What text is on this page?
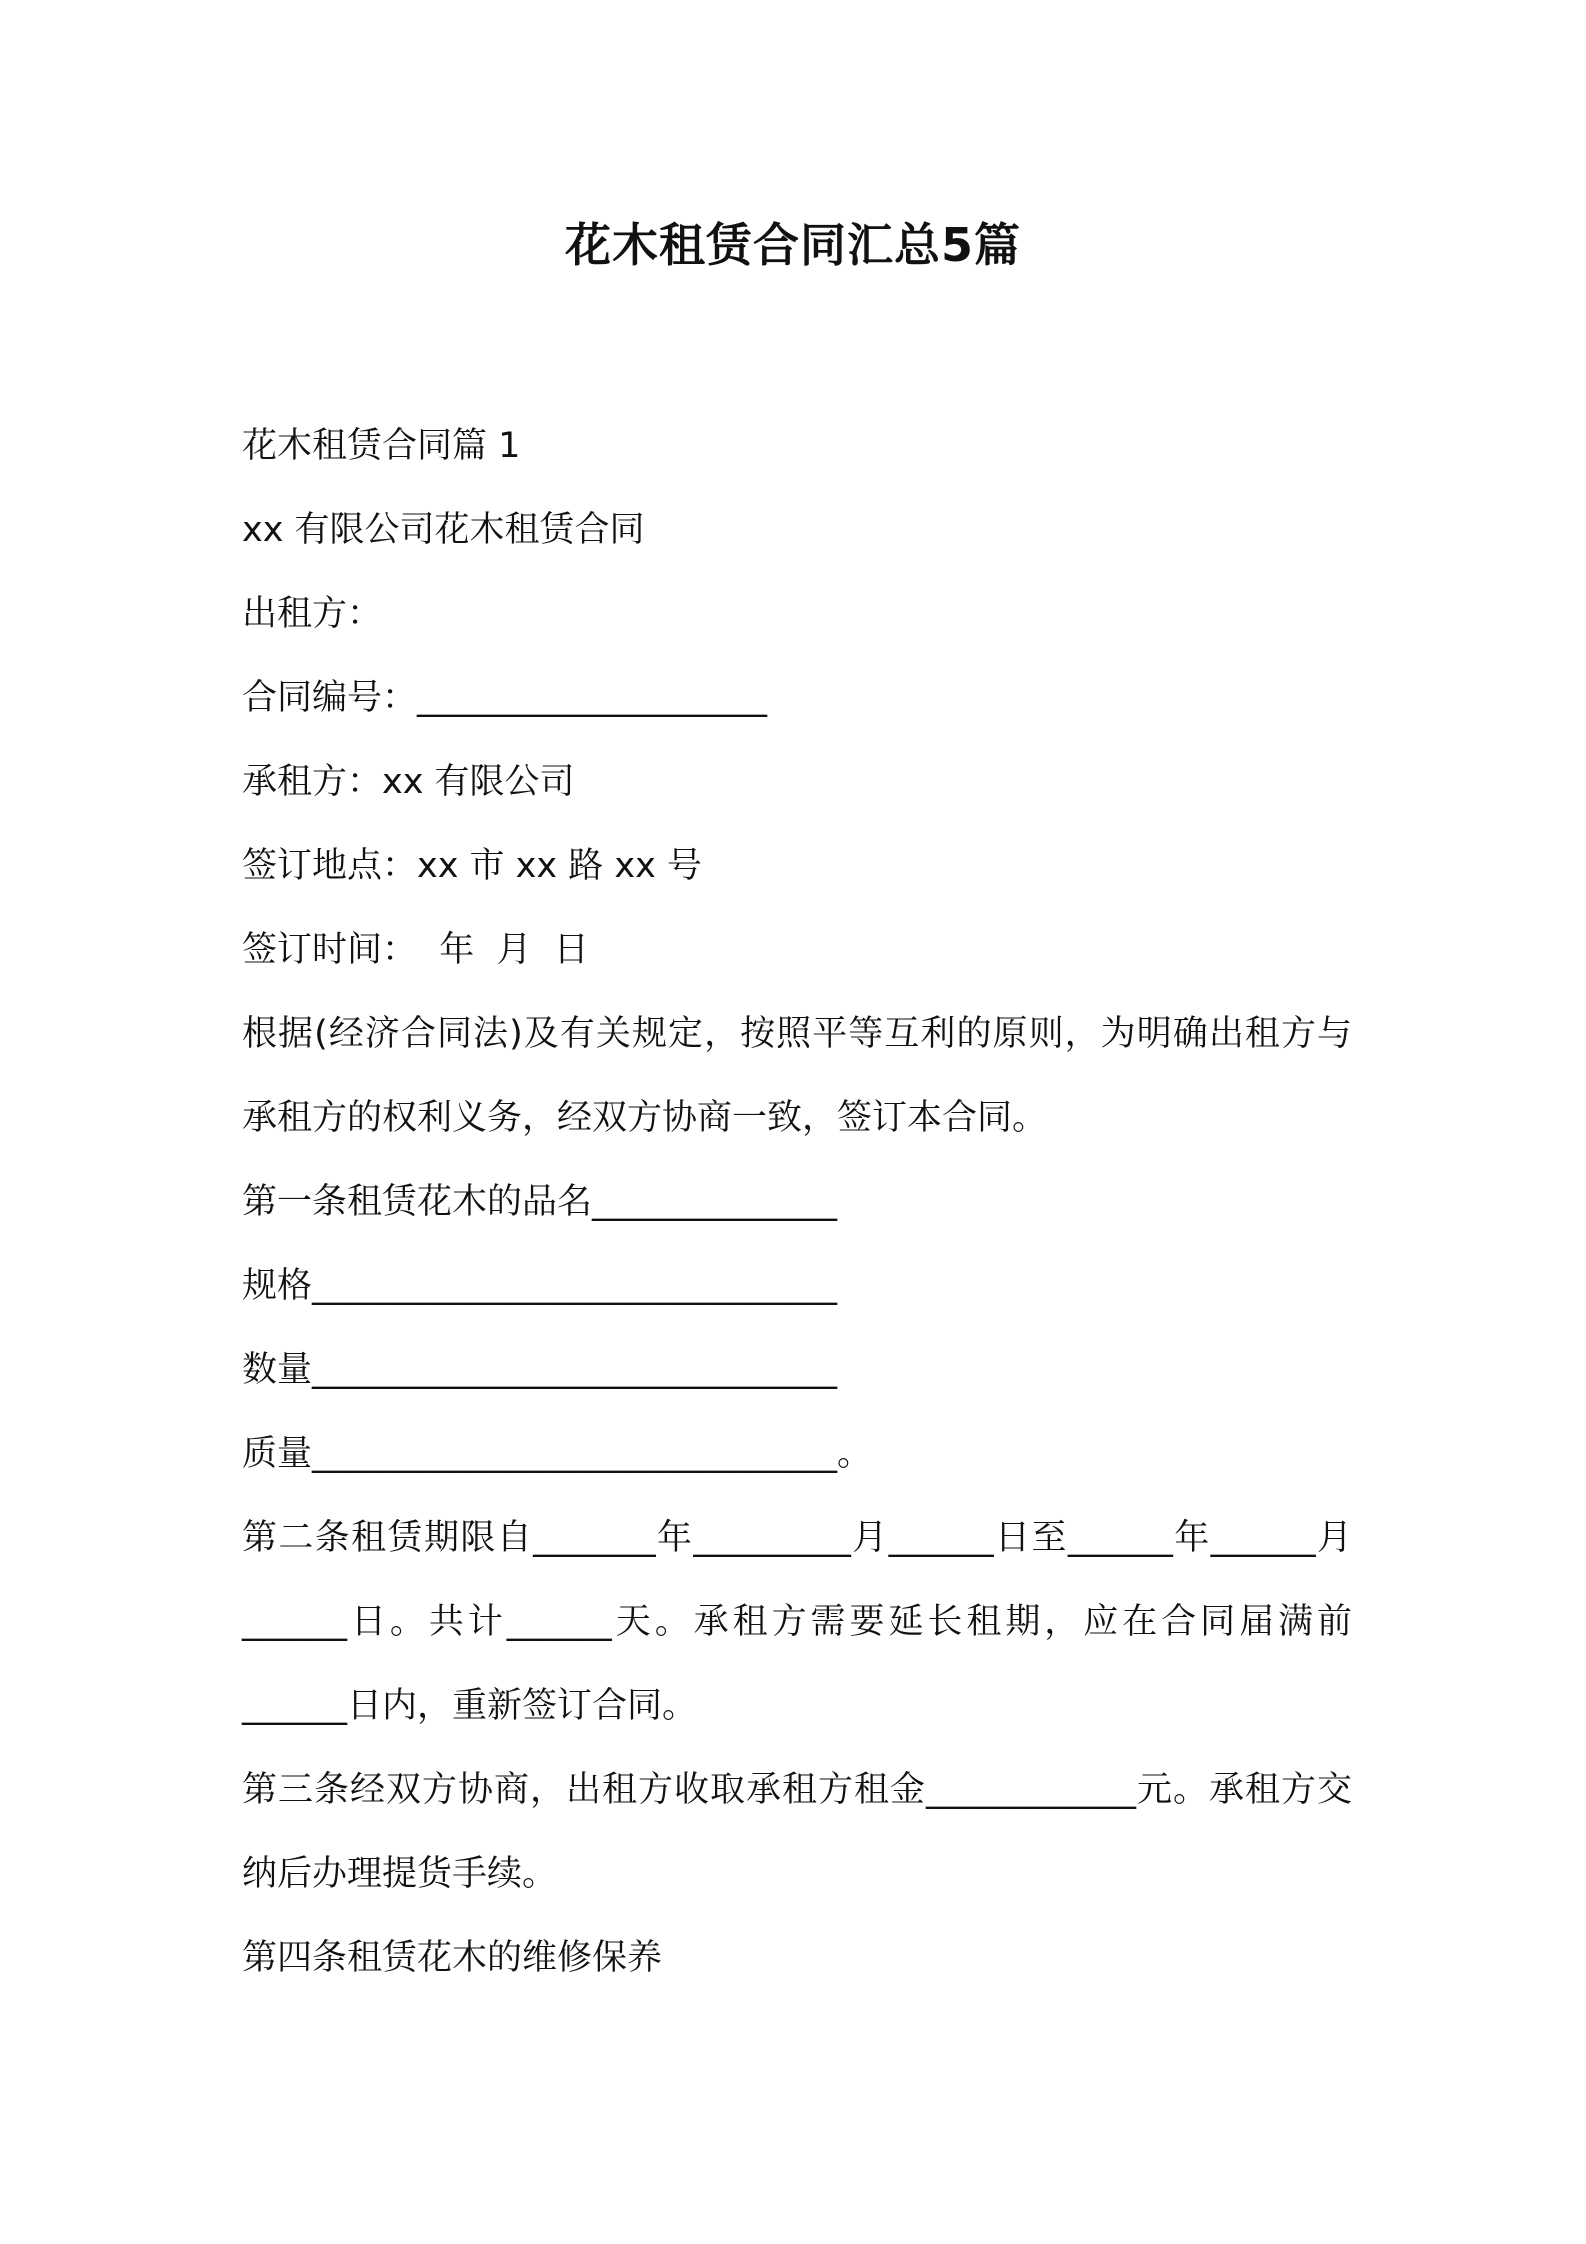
花木租赁合同汇总5篇
花木租赁合同篇 1
xx 有限公司花木租赁合同
出租方：
合同编号：____________________
承租方：xx 有限公司
签订地点：xx 市 xx 路 xx 号
签订时间：  年  月  日

根据(经济合同法)及有关规定，按照平等互利的原则，为明确出租方与承租方的权利义务，经双方协商一致，签订本合同。

第一条租赁花木的品名______________
规格______________________________
数量______________________________
质量______________________________。

第二条租赁期限自_______年_________月______日至______年______月______日。共计______天。承租方需要延长租期，应在合同届满前______日内，重新签订合同。

第三条经双方协商，出租方收取承租方租金____________元。承租方交纳后办理提货手续。

第四条租赁花木的维修保养
